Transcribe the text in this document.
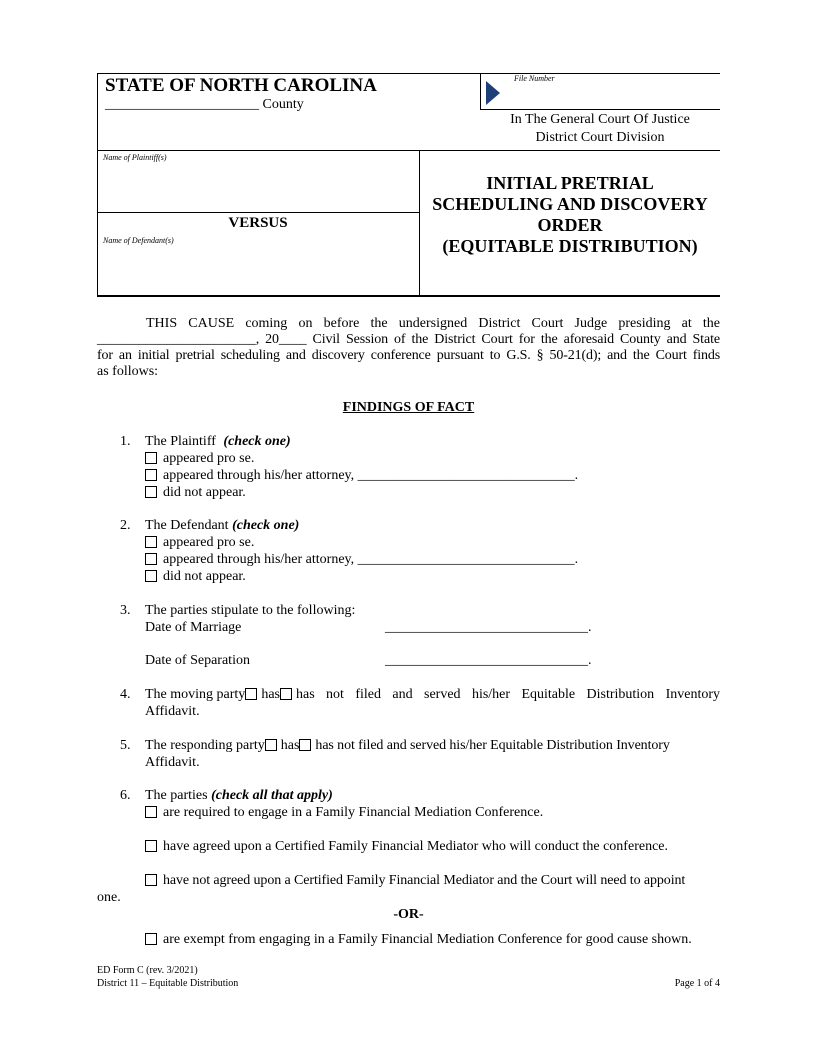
File Number
STATE OF NORTH CAROLINA
______________________ County
In The General Court Of Justice
District Court Division
Name of Plaintiff(s)
VERSUS
Name of Defendant(s)
INITIAL PRETRIAL
SCHEDULING AND DISCOVERY
ORDER
(EQUITABLE DISTRIBUTION)
THIS CAUSE coming on before the undersigned District Court Judge presiding at the
_______________________, 20____ Civil Session of the District Court for the aforesaid County and State
for an initial pretrial scheduling and discovery conference pursuant to G.S. § 50-21(d); and the Court finds
as follows:
FINDINGS OF FACT
1. The Plaintiff (check one)
appeared pro se.
appeared through his/her attorney, _______________________________.
did not appear.
2. The Defendant (check one)
appeared pro se.
appeared through his/her attorney, _______________________________.
did not appear.
3. The parties stipulate to the following:
Date of Marriage	_____________________________.
Date of Separation	_____________________________.
4. The moving party	has has not filed and served his/her Equitable Distribution Inventory
Affidavit.
5. The responding party	has has not filed and served his/her Equitable Distribution Inventory
Affidavit.
6. The parties (check all that apply)
are required to engage in a Family Financial Mediation Conference.
have agreed upon a Certified Family Financial Mediator who will conduct the conference.
have not agreed upon a Certified Family Financial Mediator and the Court will need to appoint
one.
-OR-
are exempt from engaging in a Family Financial Mediation Conference for good cause shown.
ED Form C (rev. 3/2021)
District 11 – Equitable Distribution	Page 1 of 4
